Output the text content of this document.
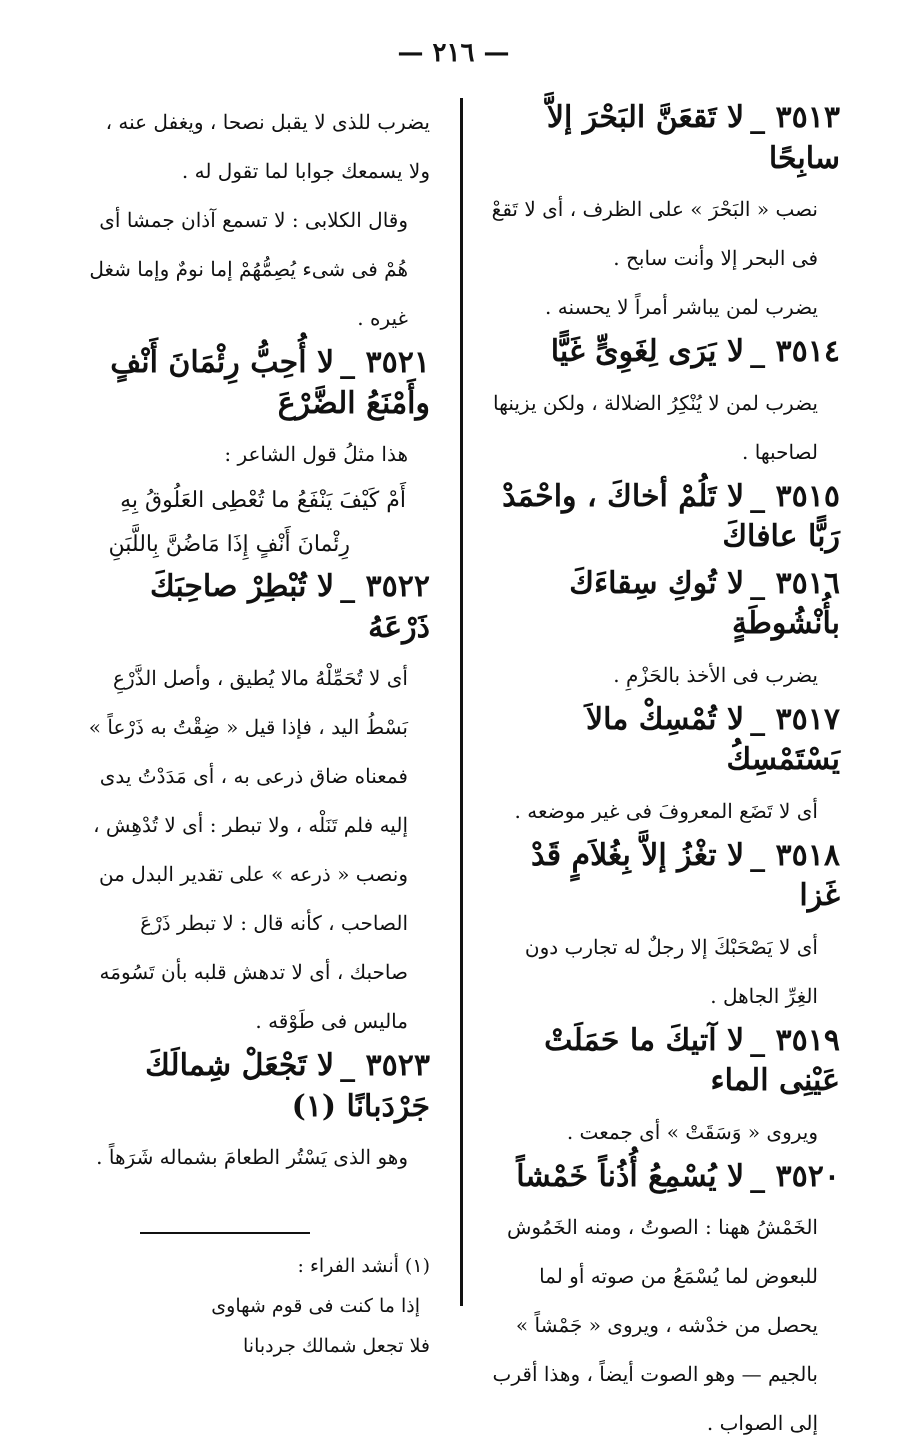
— ٢١٦ —
٣٥١٣ _لا تَقعَنَّ البَحْرَ إلاَّ سابِحًا

نصب « البَحْرَ » على الظرف ، أى لا تَقعْ فى البحر إلا وأنت سابح .

يضرب لمن يباشر أمراً لا يحسنه .

٣٥١٤ _لا يَرَى لِغَوِىٍّ غَيًّا

يضرب لمن لا يُنْكِرُ الضلالة ، ولكن يزينها لصاحبها .

٣٥١٥ _لا تَلُمْ أخاكَ ، واحْمَدْ رَبًّا عافاكَ
٣٥١٦ _لا تُوكِ سِقاءَكَ بأُنْشُوطَةٍ

يضرب فى الأخذ بالحَزْمِ .

٣٥١٧ _لا تُمْسِكْ مالاَ يَسْتَمْسِكُ

أى لا تَضَع المعروفَ فى غير موضعه .

٣٥١٨ _لا تغْزُ إلاَّ بِغُلاَمٍ قَدْ غَزا

أى لا يَصْحَبْكَ إلا رجلٌ له تجارب دون الغِرِّ الجاهل .

٣٥١٩ _لا آتيكَ ما حَمَلَتْ عَيْنِى الماء

ويروى « وَسَقَتْ » أى جمعت .

٣٥٢٠ _لا يُسْمِعُ أُذُناً خَمْشاً

الخَمْشُ ههنا : الصوتُ ، ومنه الخَمُوش للبعوض لما يُسْمَعُ من صوته أو لما يحصل من خدْشه ، ويروى « جَمْشاً » بالجيم — وهو الصوت أيضاً ، وهذا أقرب إلى الصواب .

يضرب للذى لا يقبل نصحا ، ويغفل عنه ، ولا يسمعك جوابا لما تقول له .

وقال الكلابى : لا تسمع آذان جمشا أى هُمْ فى شىء يُصِمُّهُمْ إما نومٌ وإما شغل غيره .

٣٥٢١ _لا أُحِبُّ رِئْمَانَ أَنْفٍ وأَمْنَعُ الضَّرْعَ

هذا مثلُ قول الشاعر :

أَمْ كَيْفَ يَنْفَعُ ما تُعْطِى العَلُوقُ بِهِ

رِئْمانَ أَنْفٍ إِذَا مَاضُنَّ بِاللَّبَنِ

٣٥٢٢ _لا تُبْطِرْ صاحِبَكَ ذَرْعَهُ

أى لا تُحَمِّلْهُ مالا يُطيق ، وأصل الذَّرْعِ بَسْطُ اليد ، فإذا قيل « ضِقْتُ به ذَرْعاً » فمعناه ضاق ذرعى به ، أى مَدَدْتُ يدى إليه فلم تَنَلْه ، ولا تبطر : أى لا تُدْهِش ، ونصب « ذرعه » على تقدير البدل من الصاحب ، كأنه قال : لا تبطر ذَرْعَ صاحبك ، أى لا تدهش قلبه بأن تَسُومَه ماليس فى طَوْقه .

٣٥٢٣ _لا تَجْعَلْ شِمالَكَ جَرْدَبانًا (١)

وهو الذى يَسْتُر الطعامَ بشماله شَرَهاً .

(١) أنشد الفراء :

إذا ما كنت فى قوم شهاوى

فلا تجعل شمالك جردبانا
